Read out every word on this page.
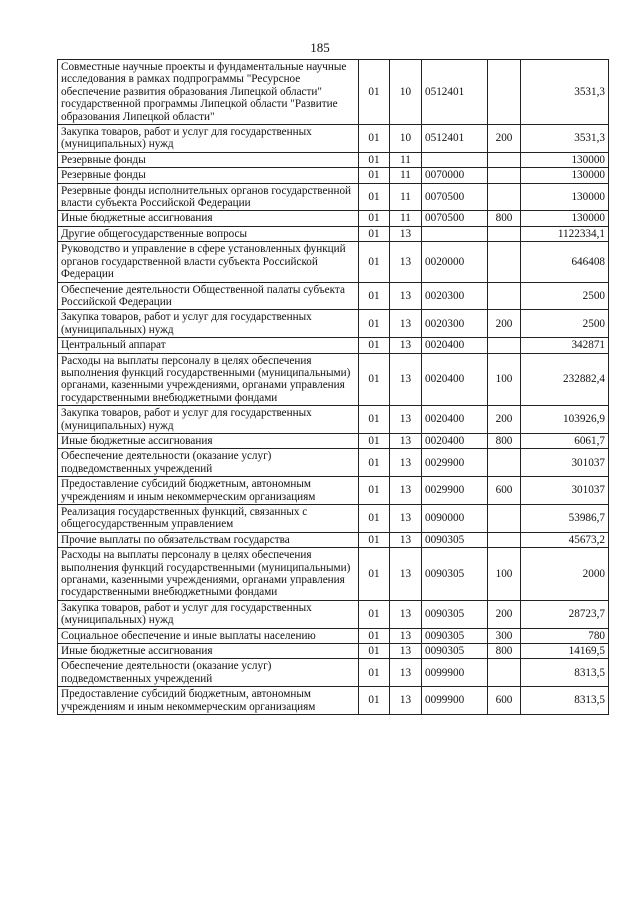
185
Совместные научные проекты и фундаментальные научные исследования в рамках подпрограммы "Ресурсное обеспечение развития образования Липецкой области" государственной программы Липецкой области "Развитие образования Липецкой области"	01	10	0512401		3531,3
Закупка товаров, работ и услуг для государственных (муниципальных) нужд	01	10	0512401	200	3531,3
Резервные фонды	01	11			130000
Резервные фонды	01	11	0070000		130000
Резервные фонды исполнительных органов государственной власти субъекта Российской Федерации	01	11	0070500		130000
Иные бюджетные ассигнования	01	11	0070500	800	130000
Другие общегосударственные вопросы	01	13			1122334,1
Руководство и управление в сфере установленных функций органов государственной власти субъекта Российской Федерации	01	13	0020000		646408
Обеспечение деятельности Общественной палаты субъекта Российской Федерации	01	13	0020300		2500
Закупка товаров, работ и услуг для государственных (муниципальных) нужд	01	13	0020300	200	2500
Центральный аппарат	01	13	0020400		342871
Расходы на выплаты персоналу в целях обеспечения выполнения функций государственными (муниципальными) органами, казенными учреждениями, органами управления государственными внебюджетными фондами	01	13	0020400	100	232882,4
Закупка товаров, работ и услуг для государственных (муниципальных) нужд	01	13	0020400	200	103926,9
Иные бюджетные ассигнования	01	13	0020400	800	6061,7
Обеспечение деятельности (оказание услуг) подведомственных учреждений	01	13	0029900		301037
Предоставление субсидий бюджетным, автономным учреждениям и иным некоммерческим организациям	01	13	0029900	600	301037
Реализация государственных функций, связанных с общегосударственным управлением	01	13	0090000		53986,7
Прочие выплаты по обязательствам государства	01	13	0090305		45673,2
Расходы на выплаты персоналу в целях обеспечения выполнения функций государственными (муниципальными) органами, казенными учреждениями, органами управления государственными внебюджетными фондами	01	13	0090305	100	2000
Закупка товаров, работ и услуг для государственных (муниципальных) нужд	01	13	0090305	200	28723,7
Социальное обеспечение и иные выплаты населению	01	13	0090305	300	780
Иные бюджетные ассигнования	01	13	0090305	800	14169,5
Обеспечение деятельности (оказание услуг) подведомственных учреждений	01	13	0099900		8313,5
Предоставление субсидий бюджетным, автономным учреждениям и иным некоммерческим организациям	01	13	0099900	600	8313,5
